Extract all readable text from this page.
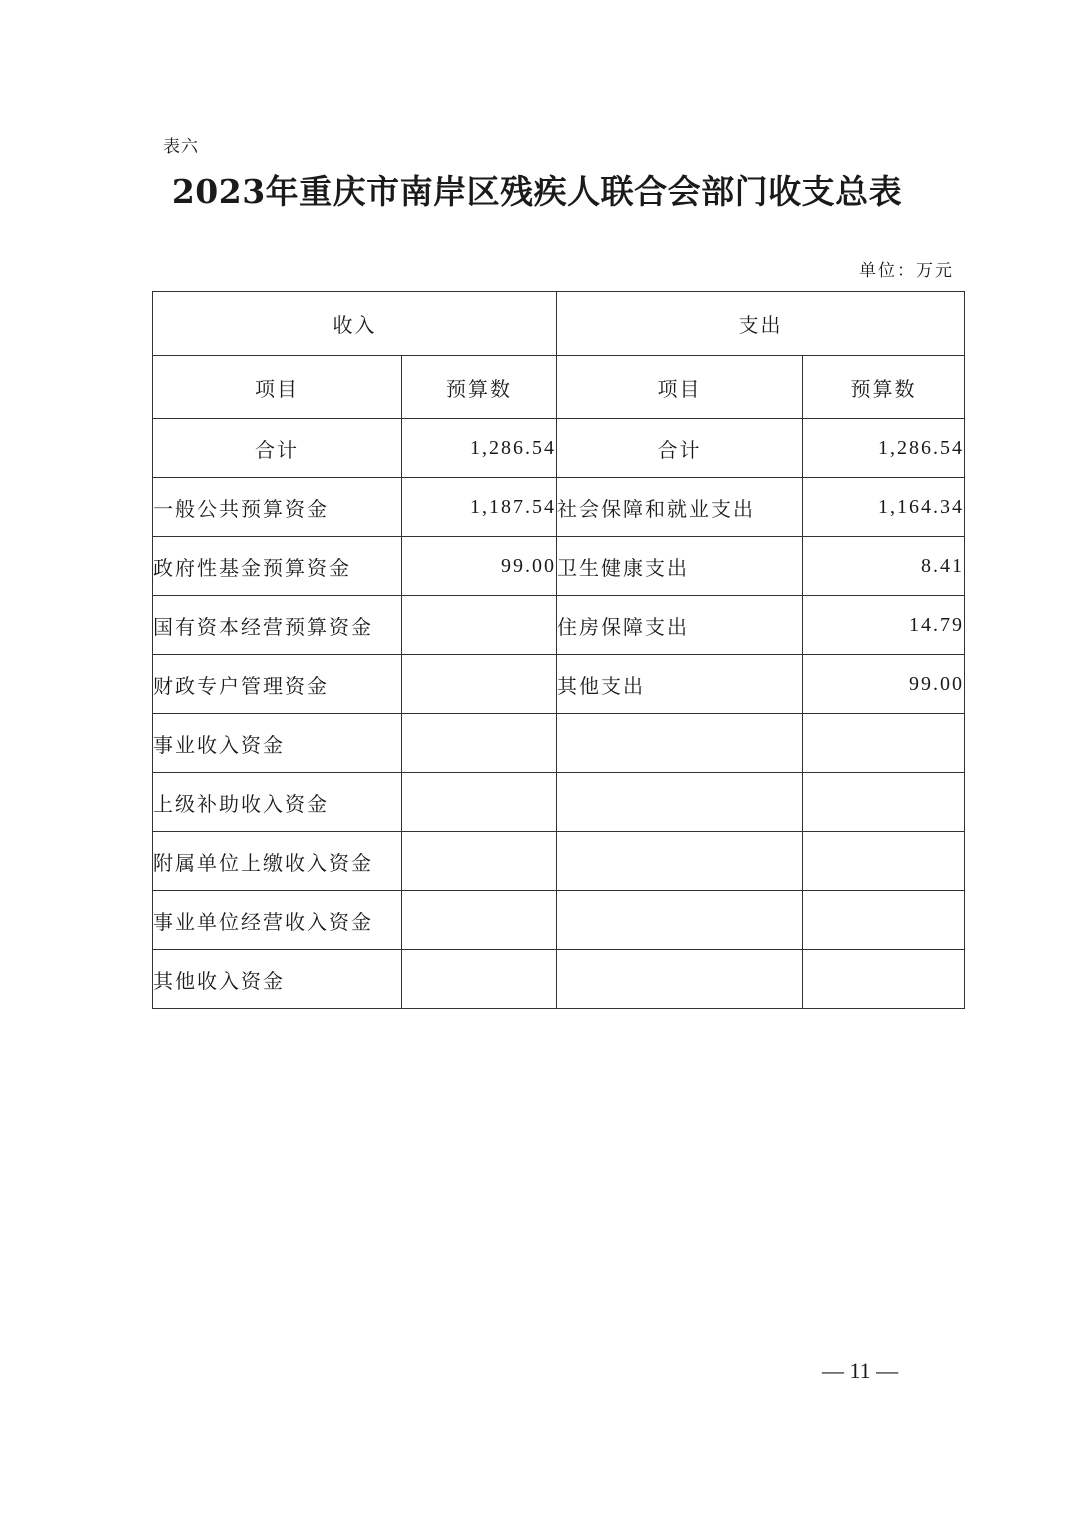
表六
2023年重庆市南岸区残疾人联合会部门收支总表
单位：万元
收入		支出	
项目	预算数	项目	预算数
合计	1,286.54	合计	1,286.54
一般公共预算资金	1,187.54	社会保障和就业支出	1,164.34
政府性基金预算资金	99.00	卫生健康支出	8.41
国有资本经营预算资金		住房保障支出	14.79
财政专户管理资金		其他支出	99.00
事业收入资金			
上级补助收入资金			
附属单位上缴收入资金			
事业单位经营收入资金			
其他收入资金			
— 11 —
